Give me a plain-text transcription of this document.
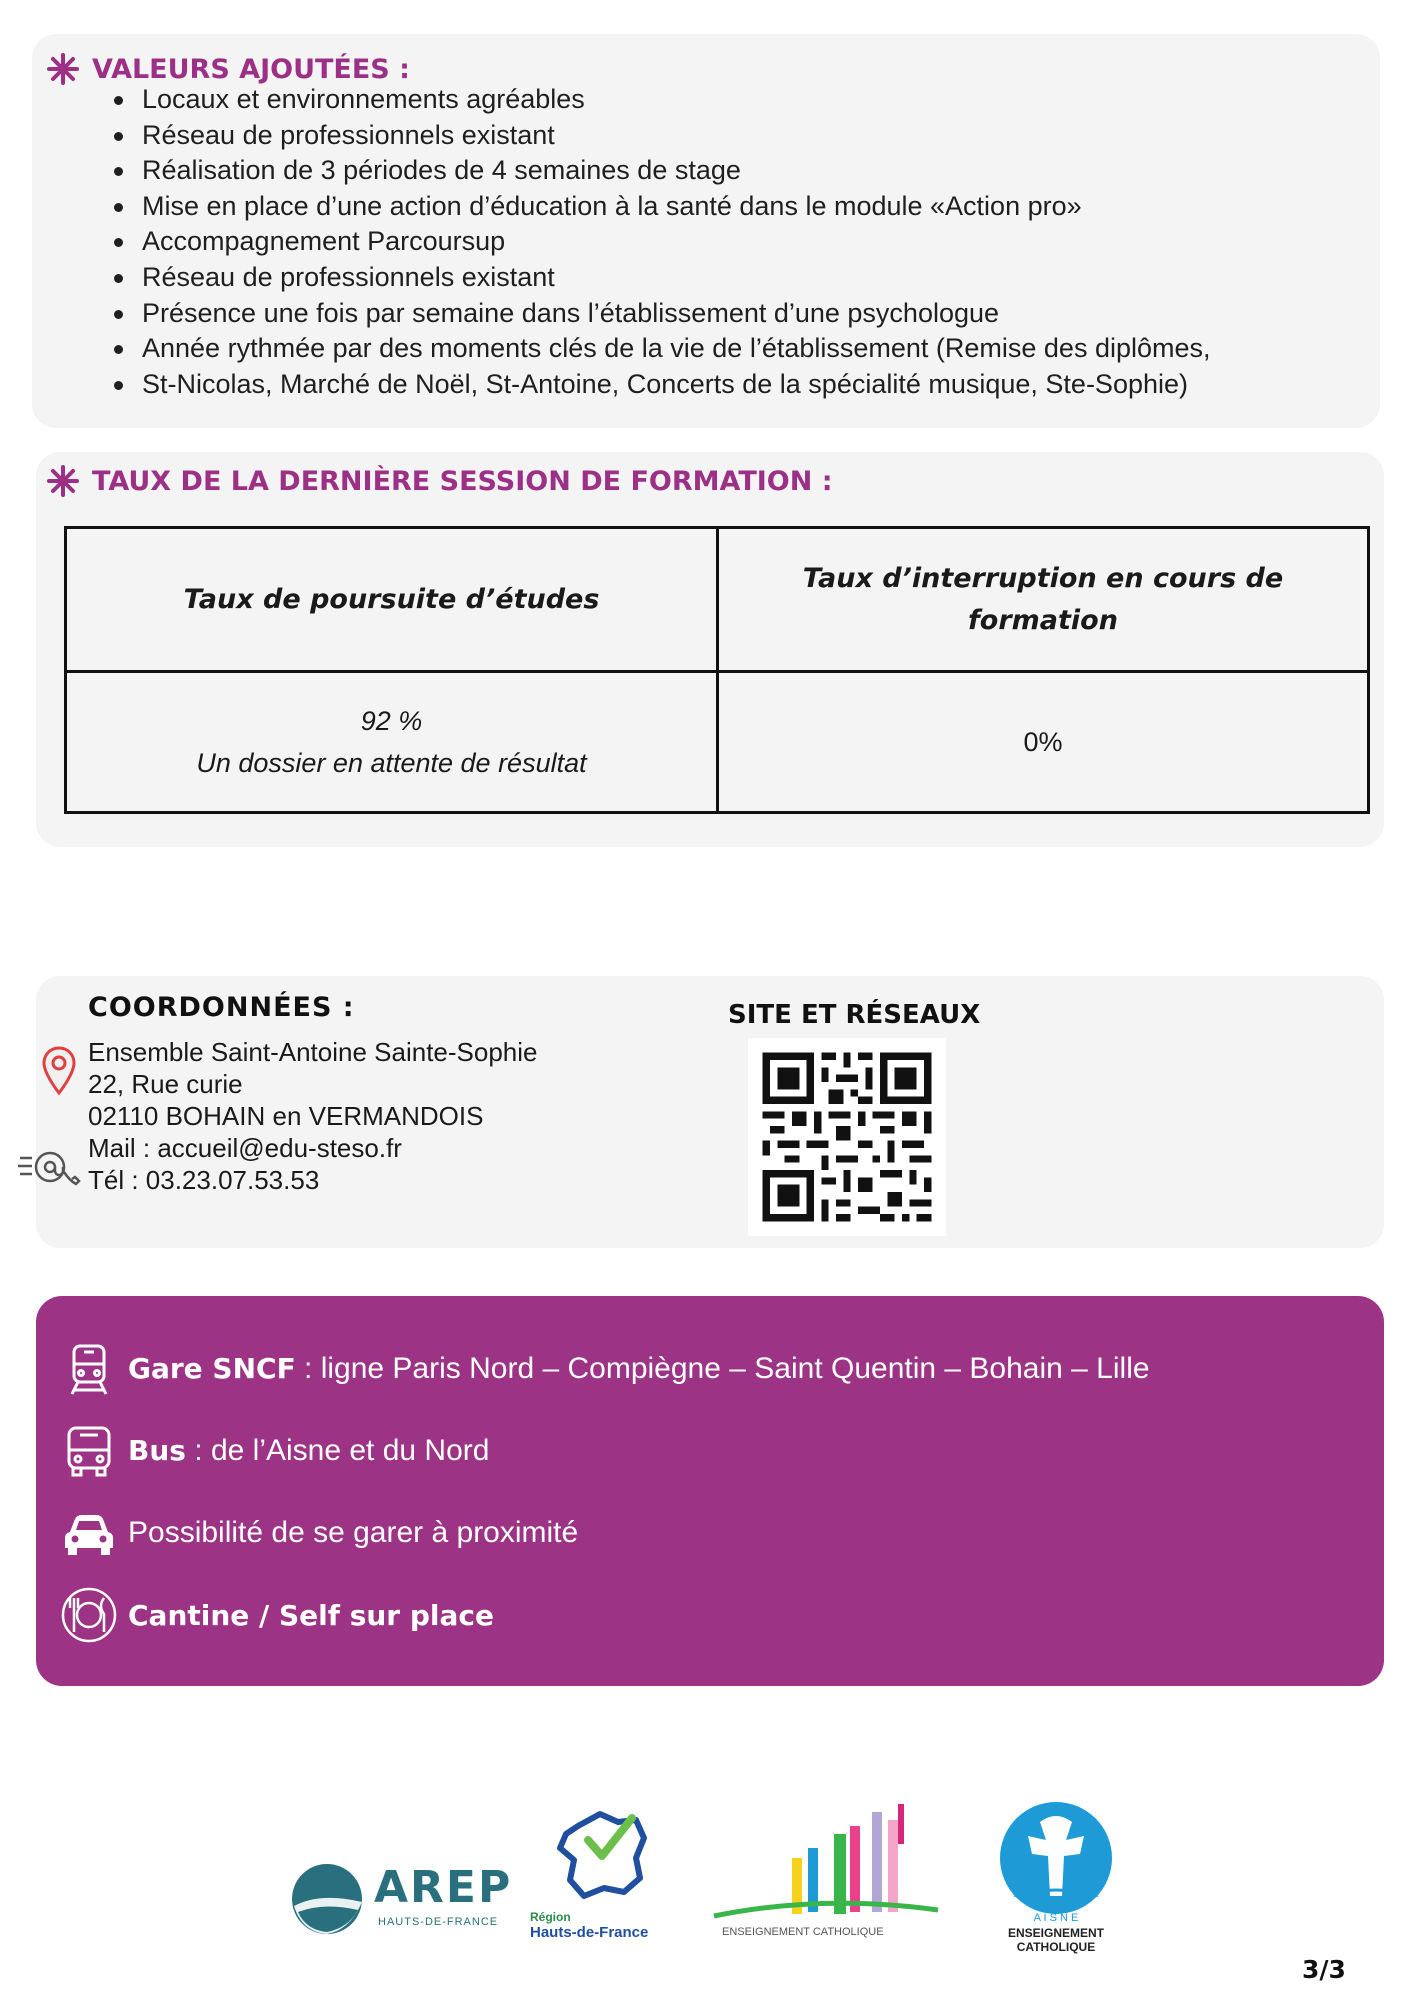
VALEURS AJOUTÉES :
Locaux et environnements agréables
Réseau de professionnels existant
Réalisation de 3 périodes de 4 semaines de stage
Mise en place d’une action d’éducation à la santé dans le module «Action pro»
Accompagnement Parcoursup
Réseau de professionnels existant
Présence une fois par semaine dans l’établissement d’une psychologue
Année rythmée par des moments clés de la vie de l’établissement (Remise des diplômes,
St-Nicolas, Marché de Noël, St-Antoine, Concerts de la spécialité musique, Ste-Sophie)
TAUX DE LA DERNIÈRE SESSION DE FORMATION :
Taux de poursuite d’études
Taux d’interruption en cours de formation
92 %
Un dossier en attente de résultat
0%
COORDONNÉES :
Ensemble Saint-Antoine Sainte-Sophie
22, Rue curie
02110 BOHAIN en VERMANDOIS
Mail : accueil@edu-steso.fr
Tél : 03.23.07.53.53
SITE ET RÉSEAUX
Gare SNCF : ligne Paris Nord – Compiègne – Saint Quentin – Bohain – Lille
Bus : de l’Aisne et du Nord
Possibilité de se garer à proximité
Cantine / Self sur place
AREP
HAUTS-DE-FRANCE	Région
Hauts-de-France	ENSEIGNEMENT CATHOLIQUE
A I S N E
ENSEIGNEMENT
CATHOLIQUE
3/3
